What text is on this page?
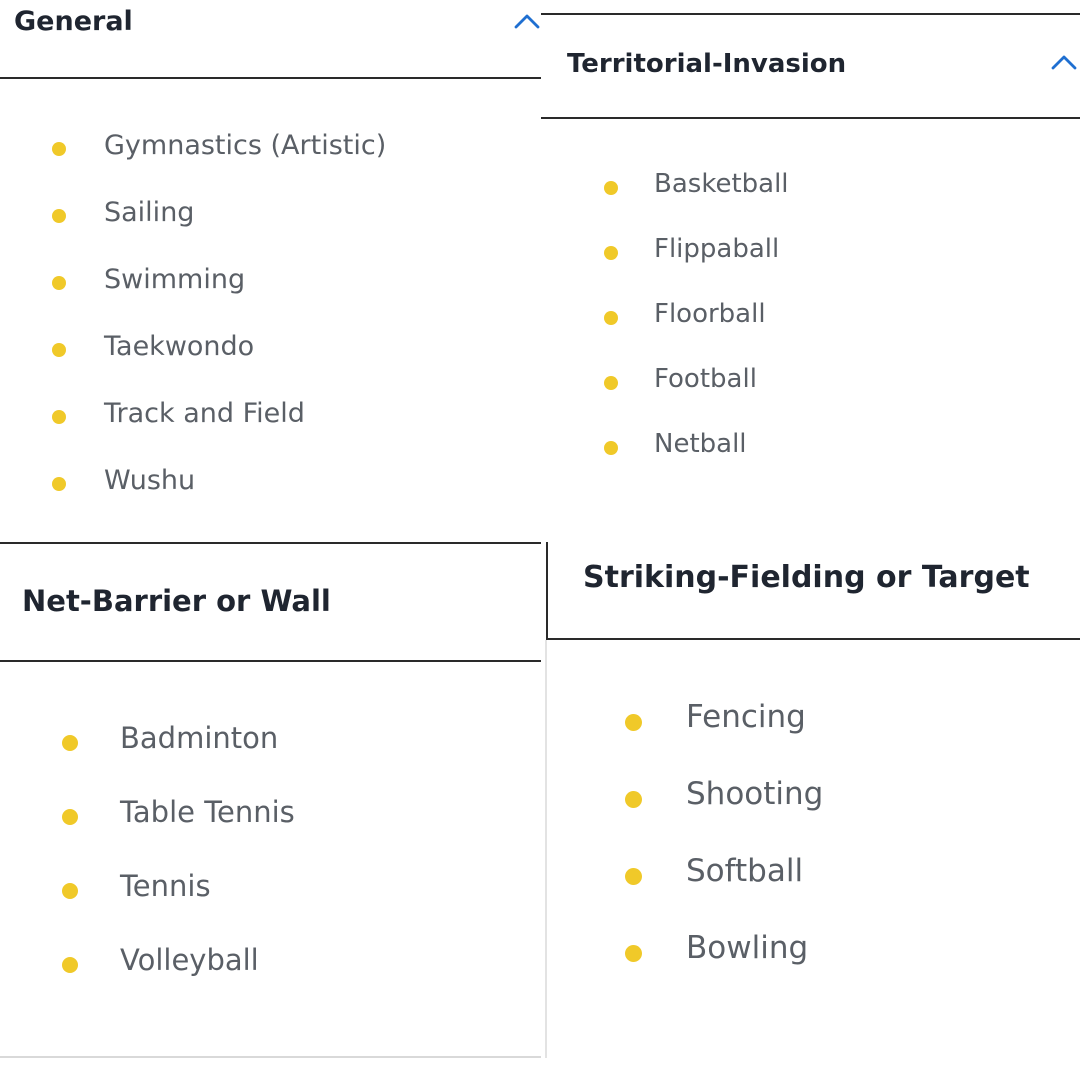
General
Gymnastics (Artistic)
Sailing
Swimming
Taekwondo
Track and Field
Wushu
Territorial-Invasion
Basketball
Flippaball
Floorball
Football
Netball
Net-Barrier or Wall
Badminton
Table Tennis
Tennis
Volleyball
Striking-Fielding or Target
Fencing
Shooting
Softball
Bowling
